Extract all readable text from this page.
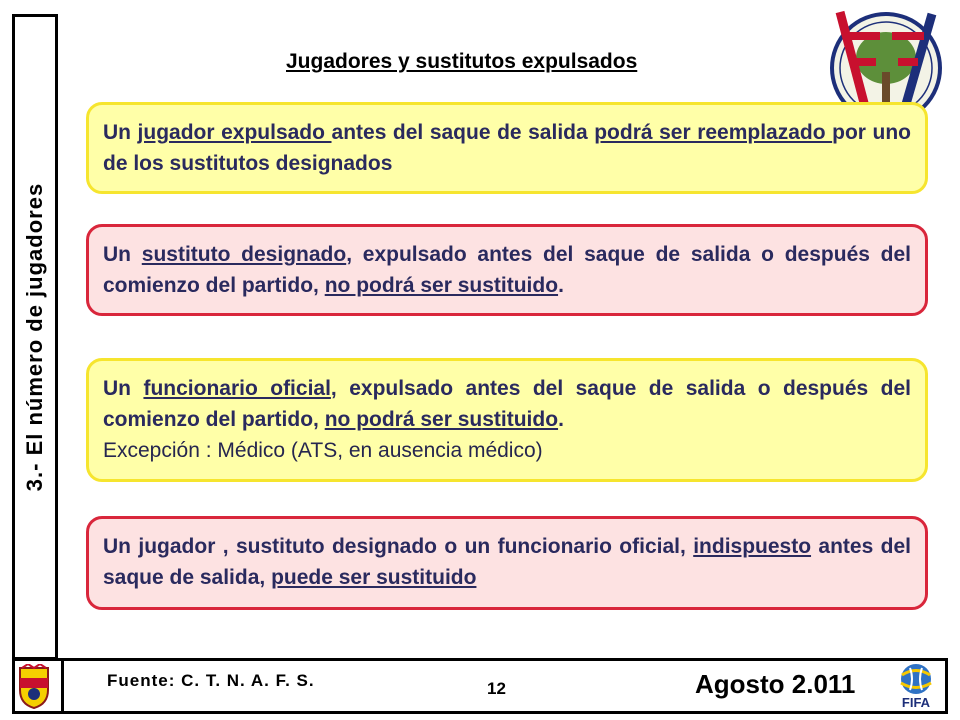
3.- El número de jugadores
Jugadores y sustitutos expulsados

Un jugador expulsado antes del saque de salida podrá ser reemplazado por uno de los sustitutos designados

Un sustituto designado, expulsado antes del saque de salida o después del comienzo del partido, no podrá ser sustituido.

Un funcionario oficial, expulsado antes del saque de salida o después del comienzo del partido, no podrá ser sustituido.

Excepción : Médico (ATS, en ausencia médico)

Un jugador , sustituto designado o un funcionario oficial, indispuesto antes del saque de salida, puede ser sustituido

Fuente: C. T. N. A. F. S.	12	Agosto 2.011
FIFA
